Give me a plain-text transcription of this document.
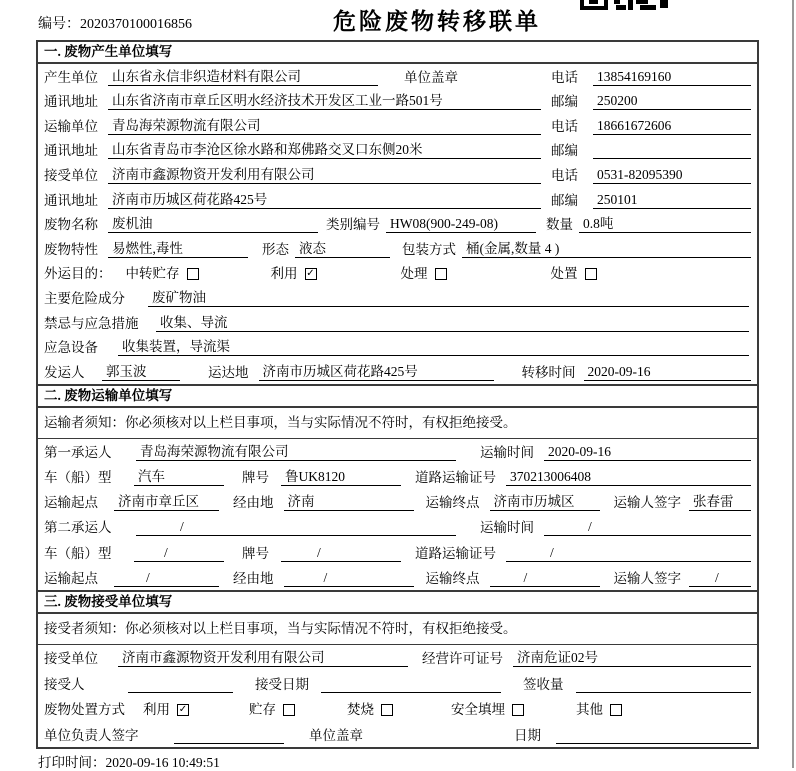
编号：2020370100016856	危险废物转移联单
一. 废物产生单位填写
产生单位 山东省永信非织造材料有限公司	单位盖章	电话	13854169160
通讯地址 山东省济南市章丘区明水经济技术开发区工业一路501号	邮编	250200
运输单位 青岛海荣源物流有限公司	电话	18661672606
通讯地址 山东省青岛市李沧区徐水路和郑佛路交叉口东侧20米	邮编
接受单位 济南市鑫源物资开发利用有限公司	电话	0531-82095390
通讯地址 济南市历城区荷花路425号	邮编	250101
废物名称 废机油	类别编号 HW08(900-249-08)	数量 0.8吨
废物特性 易燃性,毒性	形态 液态	包装方式 桶(金属,数量 4 )
外运目的： 中转贮存	利用 ✓	处理	处置
主要危险成分	废矿物油
禁忌与应急措施	收集、导流
应急设备 收集装置，导流渠
发运人 郭玉波	运达地 济南市历城区荷花路425号	转移时间 2020-09-16
二. 废物运输单位填写
运输者须知：你必须核对以上栏目事项，当与实际情况不符时，有权拒绝接受。
第一承运人	青岛海荣源物流有限公司	运输时间 2020-09-16
车（船）型	汽车	牌号 鲁UK8120	道路运输证号 370213006408
运输起点 济南市章丘区	经由地 济南	运输终点 济南市历城区	运输人签字 张春雷
第二承运人	/	运输时间	/
车（船）型	/	牌号	/	道路运输证号	/
运输起点	/	经由地	/	运输终点	/	运输人签字	/
三. 废物接受单位填写
接受者须知：你必须核对以上栏目事项，当与实际情况不符时，有权拒绝接受。
接受单位 济南市鑫源物资开发利用有限公司	经营许可证号 济南危证02号
接受人	接受日期	签收量
废物处置方式 利用 ✓	贮存	焚烧	安全填埋	其他
单位负责人签字	单位盖章	日期
打印时间：2020-09-16 10:49:51
